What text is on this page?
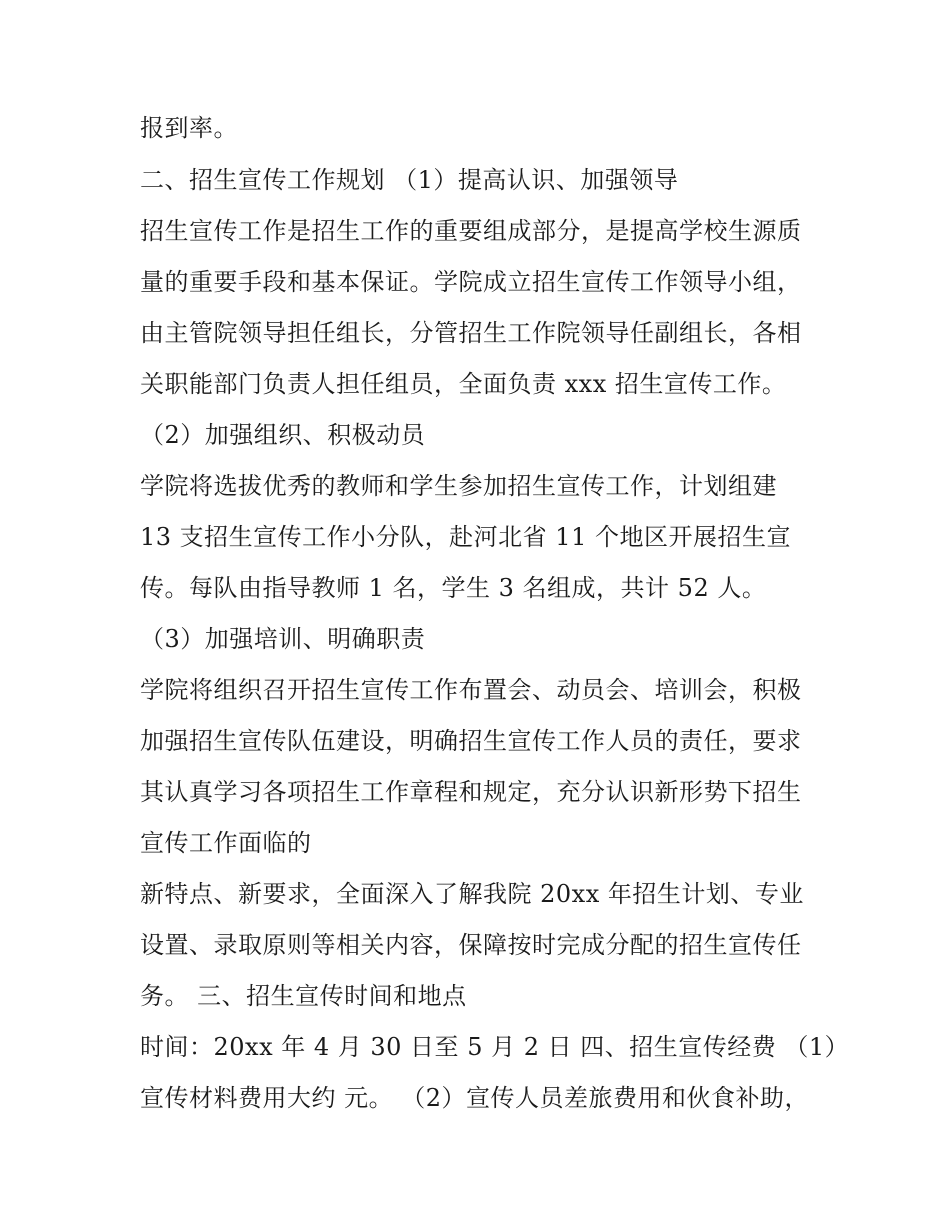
报到率。
二、招生宣传工作规划 （1）提高认识、加强领导
招生宣传工作是招生工作的重要组成部分，是提高学校生源质
量的重要手段和基本保证。学院成立招生宣传工作领导小组，
由主管院领导担任组长，分管招生工作院领导任副组长，各相
关职能部门负责人担任组员，全面负责 xxx 招生宣传工作。
（2）加强组织、积极动员
学院将选拔优秀的教师和学生参加招生宣传工作，计划组建
13 支招生宣传工作小分队，赴河北省 11 个地区开展招生宣
传。每队由指导教师 1 名，学生 3 名组成，共计 52 人。
（3）加强培训、明确职责
学院将组织召开招生宣传工作布置会、动员会、培训会，积极
加强招生宣传队伍建设，明确招生宣传工作人员的责任，要求
其认真学习各项招生工作章程和规定，充分认识新形势下招生
宣传工作面临的
新特点、新要求，全面深入了解我院 20xx 年招生计划、专业
设置、录取原则等相关内容，保障按时完成分配的招生宣传任
务。 三、招生宣传时间和地点
时间：20xx 年 4 月 30 日至 5 月 2 日 四、招生宣传经费 （1）
宣传材料费用大约 元。 （2）宣传人员差旅费用和伙食补助，
